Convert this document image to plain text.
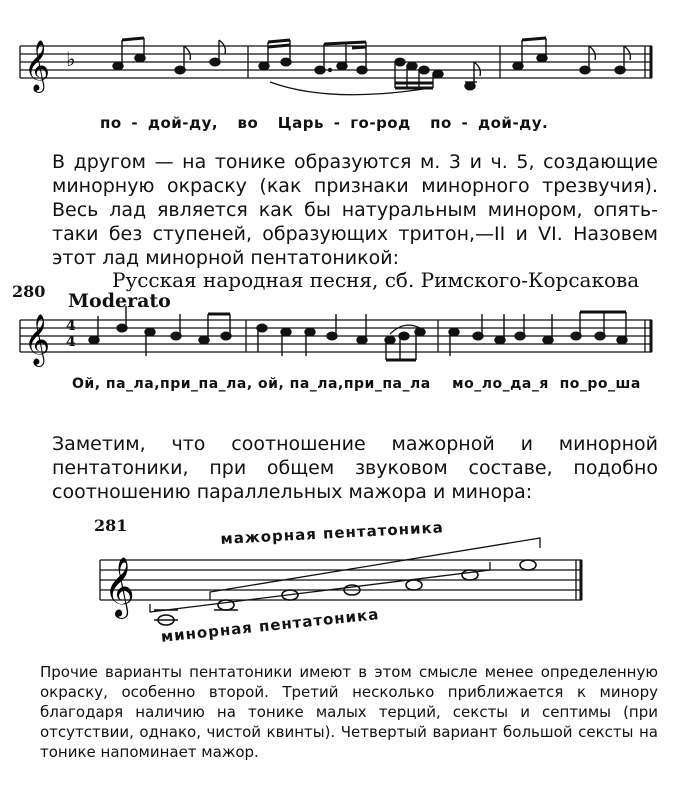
𝄞 ♭
по - дой-ду,  во  Царь - го-род  по - дой-ду.
В другом — на тонике образуются м. 3 и ч. 5, создающие минорную окраску (как признаки минорного трезвучия). Весь лад является как бы натуральным минором, опять-таки без ступеней, образующих тритон,—II и VI. Назовем этот лад минорной пентатоникой:
280	Русская народная песня, сб. Римского-Корсакова
Moderato
𝄞 4
4
Ой, па_ла,при_па_ла, ой, па_ла,при_па_ла    мо_ло_да_я  по_ро_ша
Заметим, что соотношение мажорной и минорной пентатоники, при общем звуковом составе, подобно соотношению параллельных мажора и минора:
281	мажорная пентатоника
𝄞
минорная пентатоника
Прочие варианты пентатоники имеют в этом смысле менее определенную окраску, особенно второй. Третий несколько приближается к минору благодаря наличию на тонике малых терций, сексты и септимы (при отсутствии, однако, чистой квинты). Четвертый вариант большой сексты на тонике напоминает мажор.
